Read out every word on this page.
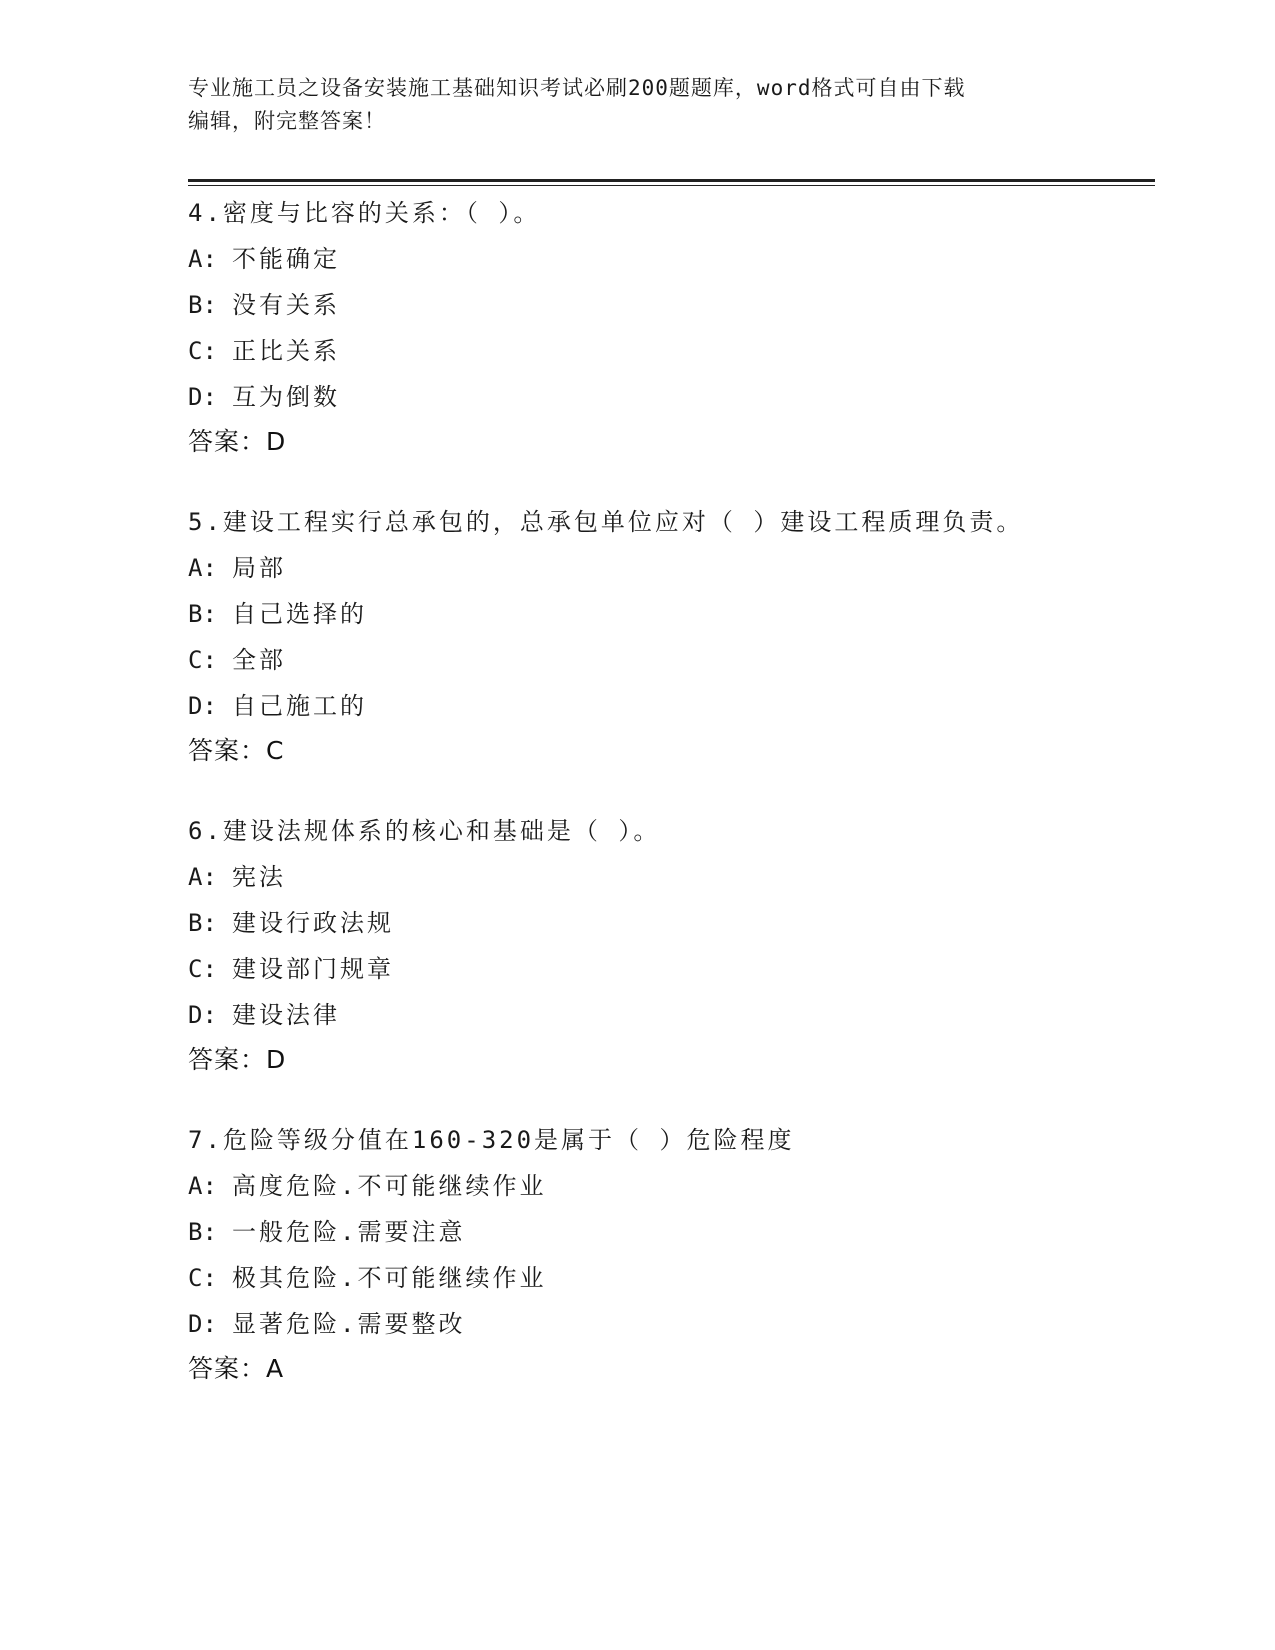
专业施工员之设备安装施工基础知识考试必刷200题题库，word格式可自由下载
编辑，附完整答案！
4.密度与比容的关系：（ ）。
A: 不能确定
B: 没有关系
C: 正比关系
D: 互为倒数
答案：D
5.建设工程实行总承包的，总承包单位应对（ ）建设工程质理负责。
A: 局部
B: 自己选择的
C: 全部
D: 自己施工的
答案：C
6.建设法规体系的核心和基础是（ ）。
A: 宪法
B: 建设行政法规
C: 建设部门规章
D: 建设法律
答案：D
7.危险等级分值在160-320是属于（ ）危险程度
A: 高度危险.不可能继续作业
B: 一般危险.需要注意
C: 极其危险.不可能继续作业
D: 显著危险.需要整改
答案：A
